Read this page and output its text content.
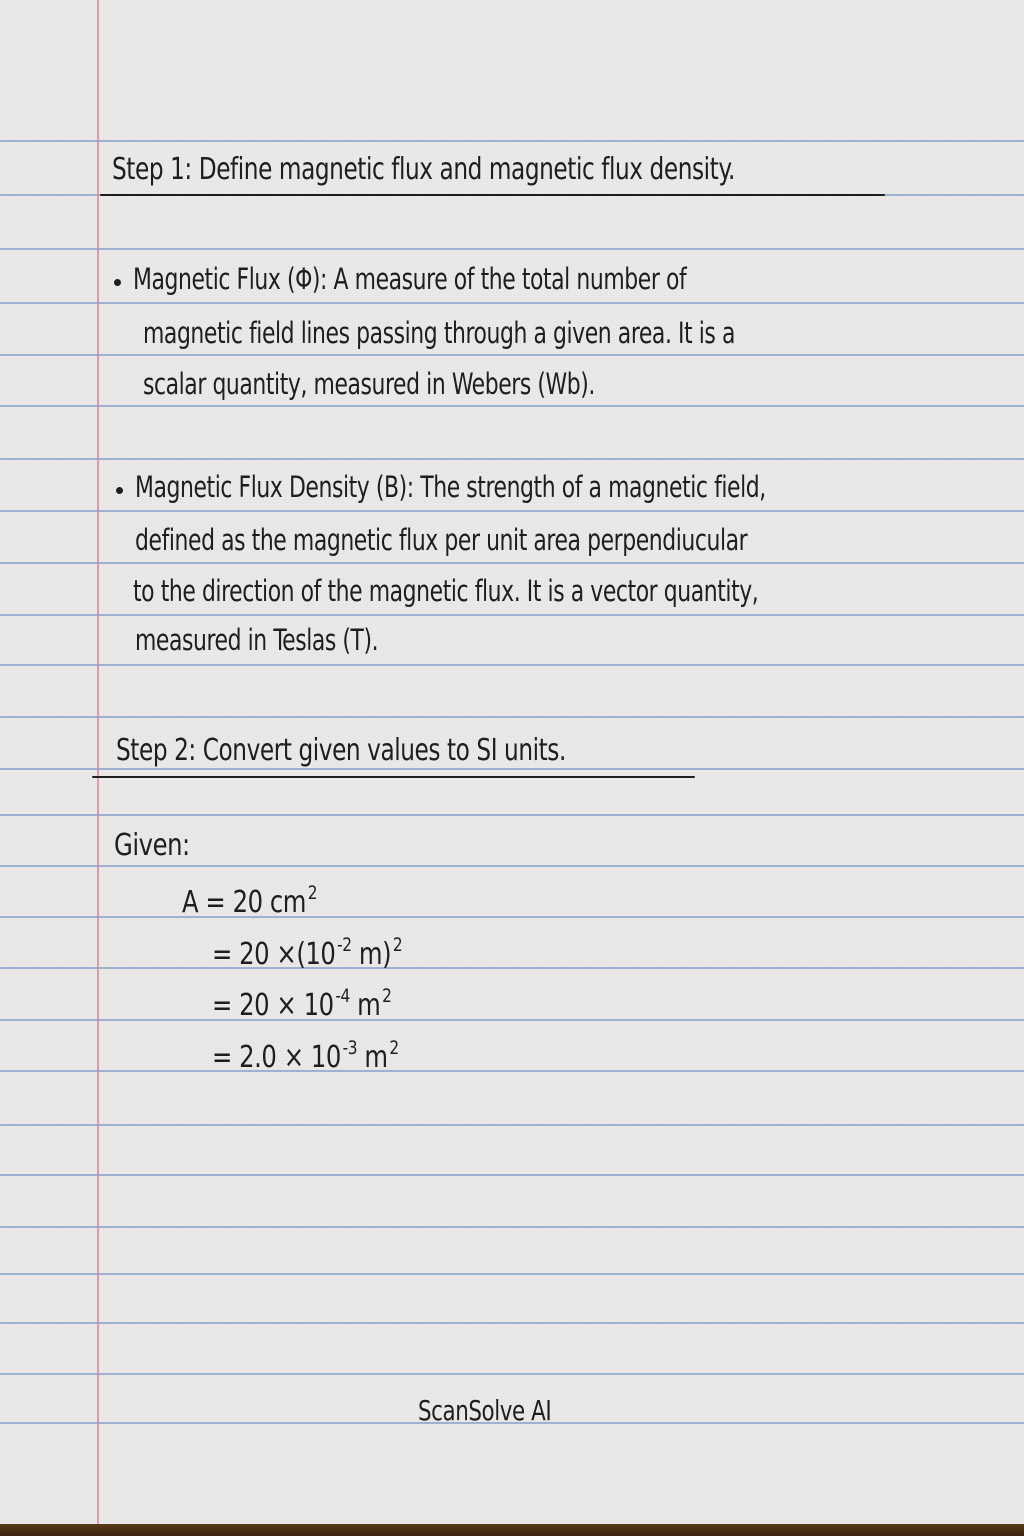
Step 1: Define magnetic flux and magnetic flux density.
Magnetic Flux (Φ): A measure of the total number of
magnetic field lines passing through a given area. It is a
scalar quantity, measured in Webers (Wb).
Magnetic Flux Density (B): The strength of a magnetic field,
defined as the magnetic flux per unit area perpendiucular
to the direction of the magnetic flux. It is a vector quantity,
measured in Teslas (T).
Step 2: Convert given values to SI units.
Given:
A = 20 $cm^2$
= $20 \times(10^{-2}$ m)$^2$
= $20 \times 10^{-4}$ $m^2$
= $2.0 \times 10^{-3}$ $m^2$
ScanSolve AI
